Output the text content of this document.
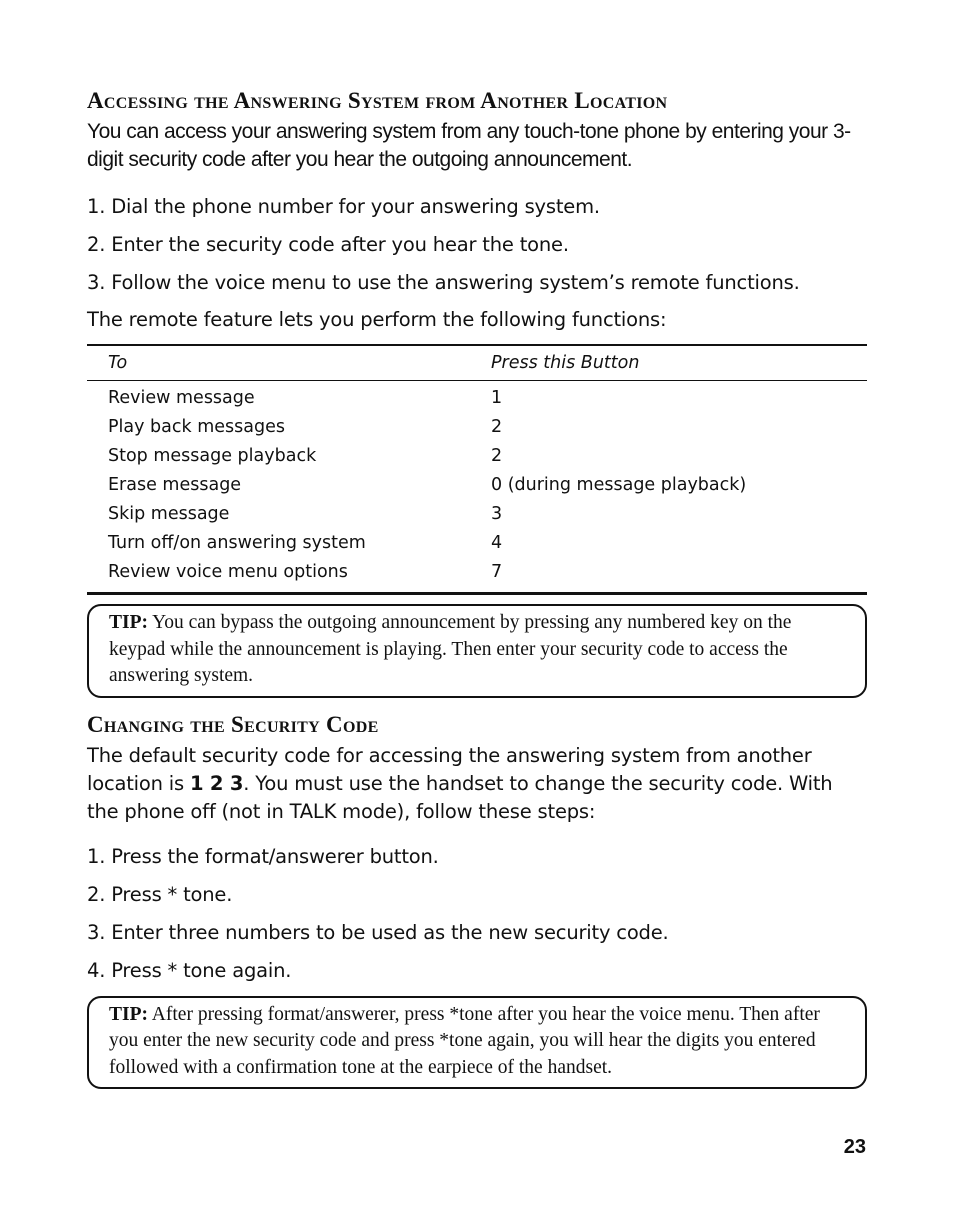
Accessing the Answering System from Another Location

You can access your answering system from any touch-tone phone by entering your 3-digit security code after you hear the outgoing announcement.

1. Dial the phone number for your answering system.
2. Enter the security code after you hear the tone.
3. Follow the voice menu to use the answering system’s remote functions.

The remote feature lets you perform the following functions:

To	Press this Button
Review message	1
Play back messages	2
Stop message playback	2
Erase message	0 (during message playback)
Skip message	3
Turn off/on answering system	4
Review voice menu options	7
TIP: You can bypass the outgoing announcement by pressing any numbered key on the keypad while the announcement is playing. Then enter your security code to access the answering system.
Changing the Security Code

The default security code for accessing the answering system from another location is 1 2 3. You must use the handset to change the security code. With the phone off (not in TALK mode), follow these steps:

1. Press the format/answerer button.
2. Press * tone.
3. Enter three numbers to be used as the new security code.
4. Press * tone again.
TIP: After pressing format/answerer, press *tone after you hear the voice menu. Then after you enter the new security code and press *tone again, you will hear the digits you entered followed with a confirmation tone at the earpiece of the handset.
23
